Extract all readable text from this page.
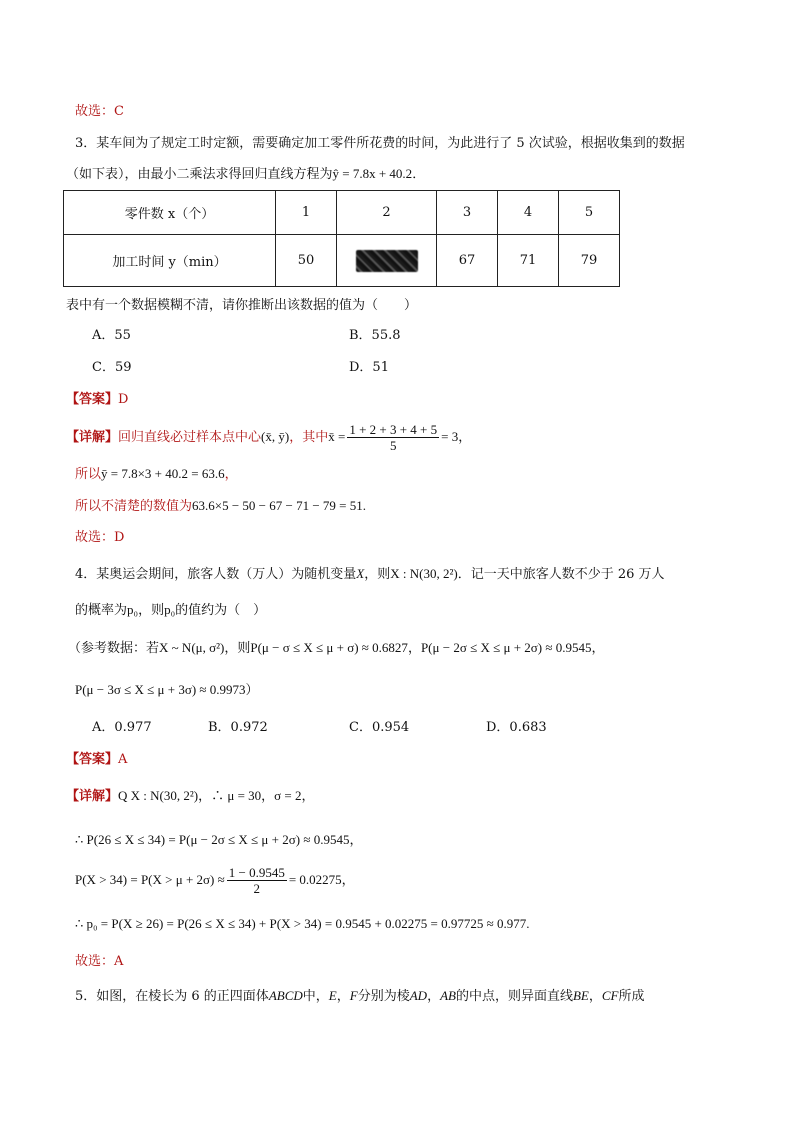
故选：C
3．某车间为了规定工时定额，需要确定加工零件所花费的时间，为此进行了 5 次试验，根据收集到的数据
（如下表），由最小二乘法求得回归直线方程为ŷ = 7.8x + 40.2．
零件数 x（个）	1	2	3	4	5
加工时间 y（min）	50		67	71	79
表中有一个数据模糊不清，请你推断出该数据的值为（　　）
A．55	B．55.8
C．59	D．51
【答案】D
【详解】回归直线必过样本点中心(x̄, ȳ)，其中x̄ = $\frac{1 + 2 + 3 + 4 + 5}{5} = 3$，
所以ȳ = 7.8×3 + 40.2 = 63.6，
所以不清楚的数值为63.6×5 − 50 − 67 − 71 − 79 = 51.
故选：D
4．某奥运会期间，旅客人数（万人）为随机变量X，则X : N(30, 2²)．记一天中旅客人数不少于 26 万人
的概率为p₀，则p₀的值约为（　）
（参考数据：若X ~ N(μ, σ²)，则P(μ − σ ≤ X ≤ μ + σ) ≈ 0.6827，P(μ − 2σ ≤ X ≤ μ + 2σ) ≈ 0.9545，
P(μ − 3σ ≤ X ≤ μ + 3σ) ≈ 0.9973）
A．0.977	B．0.972	C．0.954	D．0.683
【答案】A
【详解】Q X : N(30, 2²)，∴ μ = 30，σ = 2，
∴ P(26 ≤ X ≤ 34) = P(μ − 2σ ≤ X ≤ μ + 2σ) ≈ 0.9545，
$P(X > 34) = P(X > \mu + 2\sigma) \approx \frac{1 - 0.9545}{2} = 0.02275$，
∴ p₀ = P(X ≥ 26) = P(26 ≤ X ≤ 34) + P(X > 34) = 0.9545 + 0.02275 = 0.97725 ≈ 0.977.
故选：A
5．如图，在棱长为 6 的正四面体ABCD中，E，F分别为棱AD，AB的中点，则异面直线BE，CF所成
